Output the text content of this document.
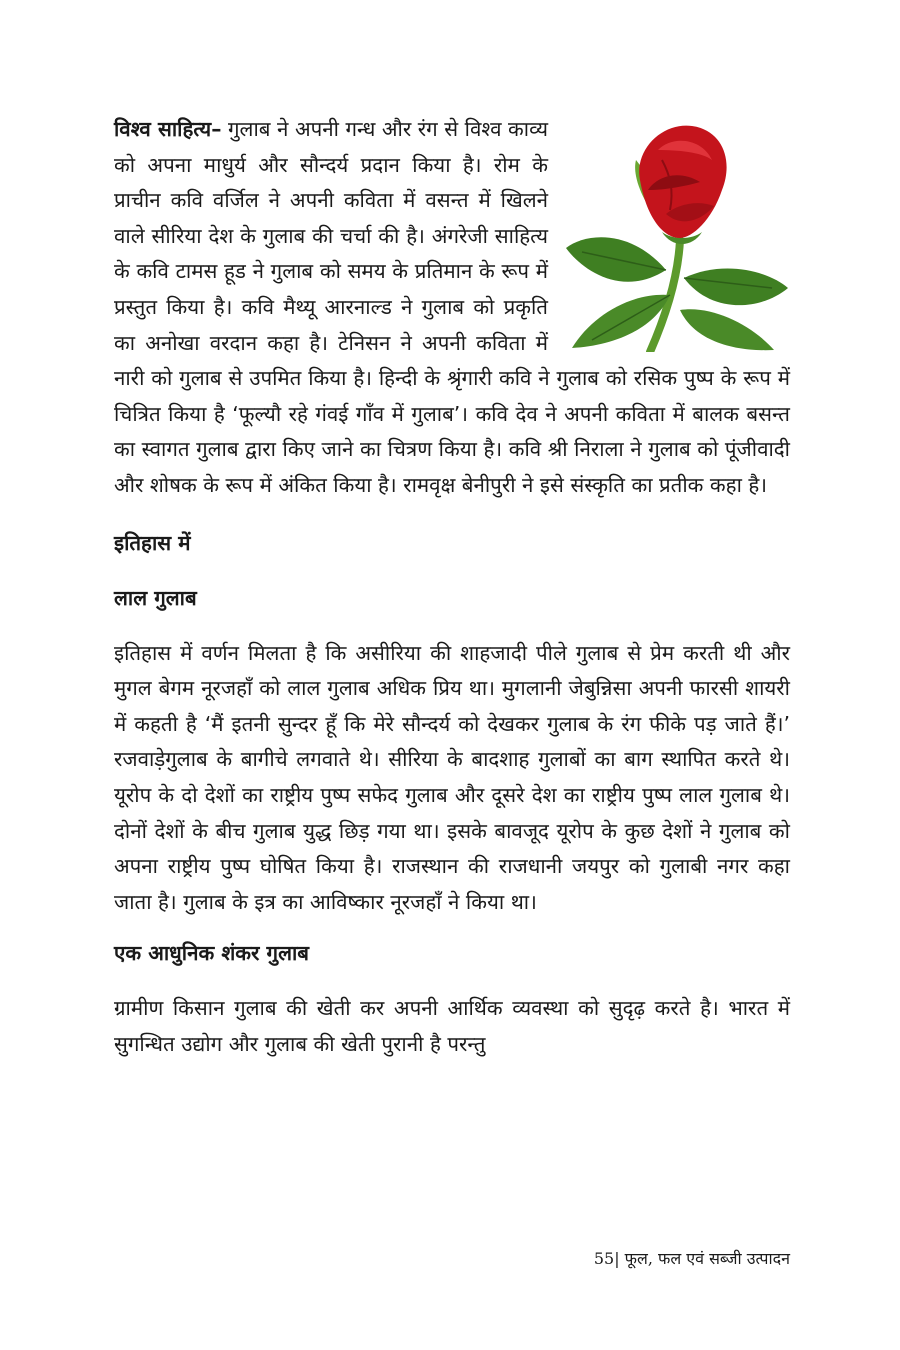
विश्व साहित्य– गुलाब ने अपनी गन्ध और रंग से विश्व काव्य को अपना माधुर्य और सौन्दर्य प्रदान किया है। रोम के प्राचीन कवि वर्जिल ने अपनी कविता में वसन्त में खिलने वाले सीरिया देश के गुलाब की चर्चा की है। अंगरेजी साहित्य के कवि टामस हूड ने गुलाब को समय के प्रतिमान के रूप में प्रस्तुत किया है। कवि मैथ्यू आरनाल्ड ने गुलाब को प्रकृति का अनोखा वरदान कहा है। टेनिसन ने अपनी कविता में नारी को गुलाब से उपमित किया है। हिन्दी के श्रृंगारी कवि ने गुलाब को रसिक पुष्प के रूप में चित्रित किया है ‘फूल्यौ रहे गंवई गाँव में गुलाब’। कवि देव ने अपनी कविता में बालक बसन्त का स्वागत गुलाब द्वारा किए जाने का चित्रण किया है। कवि श्री निराला ने गुलाब को पूंजीवादी और शोषक के रूप में अंकित किया है। रामवृक्ष बेनीपुरी ने इसे संस्कृति का प्रतीक कहा है।

इतिहास में
लाल गुलाब

इतिहास में वर्णन मिलता है कि असीरिया की शाहजादी पीले गुलाब से प्रेम करती थी और मुगल बेगम नूरजहाँ को लाल गुलाब अधिक प्रिय था। मुगलानी जेबुन्निसा अपनी फारसी शायरी में कहती है ‘मैं इतनी सुन्दर हूँ कि मेरे सौन्दर्य को देखकर गुलाब के रंग फीके पड़ जाते हैं।’ रजवाड़ेगुलाब के बागीचे लगवाते थे। सीरिया के बादशाह गुलाबों का बाग स्थापित करते थे।यूरोप के दो देशों का राष्ट्रीय पुष्प सफेद गुलाब और दूसरे देश का राष्ट्रीय पुष्प लाल गुलाब थे। दोनों देशों के बीच गुलाब युद्ध छिड़ गया था। इसके बावजूद यूरोप के कुछ देशों ने गुलाब को अपना राष्ट्रीय पुष्प घोषित किया है। राजस्थान की राजधानी जयपुर को गुलाबी नगर कहा जाता है। गुलाब के इत्र का आविष्कार नूरजहाँ ने किया था।

एक आधुनिक शंकर गुलाब

ग्रामीण किसान गुलाब की खेती कर अपनी आर्थिक व्यवस्था को सुदृढ़ करते है। भारत में सुगन्धित उद्योग और गुलाब की खेती पुरानी है परन्तु

55| फूल, फल एवं सब्जी उत्पादन
